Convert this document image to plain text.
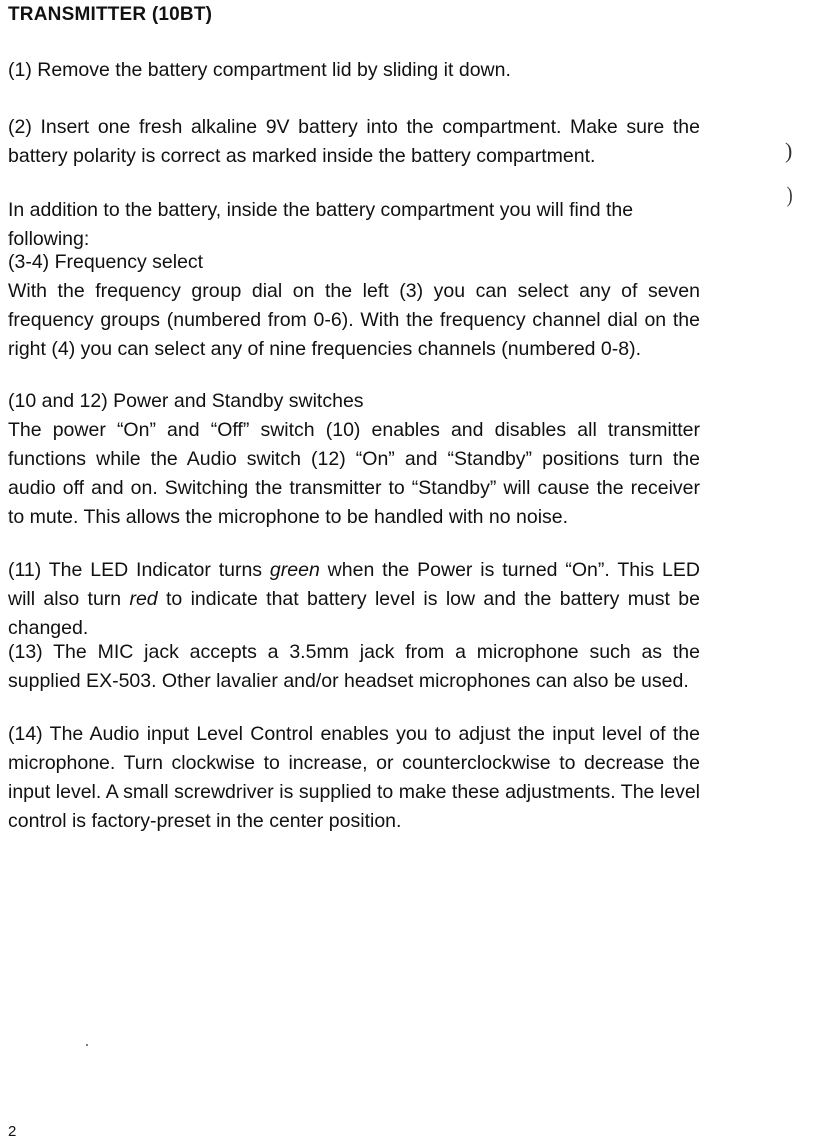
TRANSMITTER (10BT)

(1) Remove the battery compartment lid by sliding it down.

(2) Insert one fresh alkaline 9V battery into the compartment. Make sure the battery polarity is correct as marked inside the battery compartment.

In addition to the battery, inside the battery compartment you will find the following:

(3-4) Frequency select
With the frequency group dial on the left (3) you can select any of seven frequency groups (numbered from 0-6). With the frequency channel dial on the right (4) you can select any of nine frequencies channels (numbered 0-8).
(10 and 12) Power and Standby switches
The power “On” and “Off” switch (10) enables and disables all transmitter functions while the Audio switch (12) “On” and “Standby” positions turn the audio off and on. Switching the transmitter to “Standby” will cause the receiver to mute. This allows the microphone to be handled with no noise.

(11) The LED Indicator turns green when the Power is turned “On”. This LED will also turn red to indicate that battery level is low and the battery must be changed.

(13) The MIC jack accepts a 3.5mm jack from a microphone such as the supplied EX-503. Other lavalier and/or headset microphones can also be used.

(14) The Audio input Level Control enables you to adjust the input level of the microphone. Turn clockwise to increase, or counterclockwise to decrease the input level. A small screwdriver is supplied to make these adjustments. The level control is factory-preset in the center position.

)
)
2
